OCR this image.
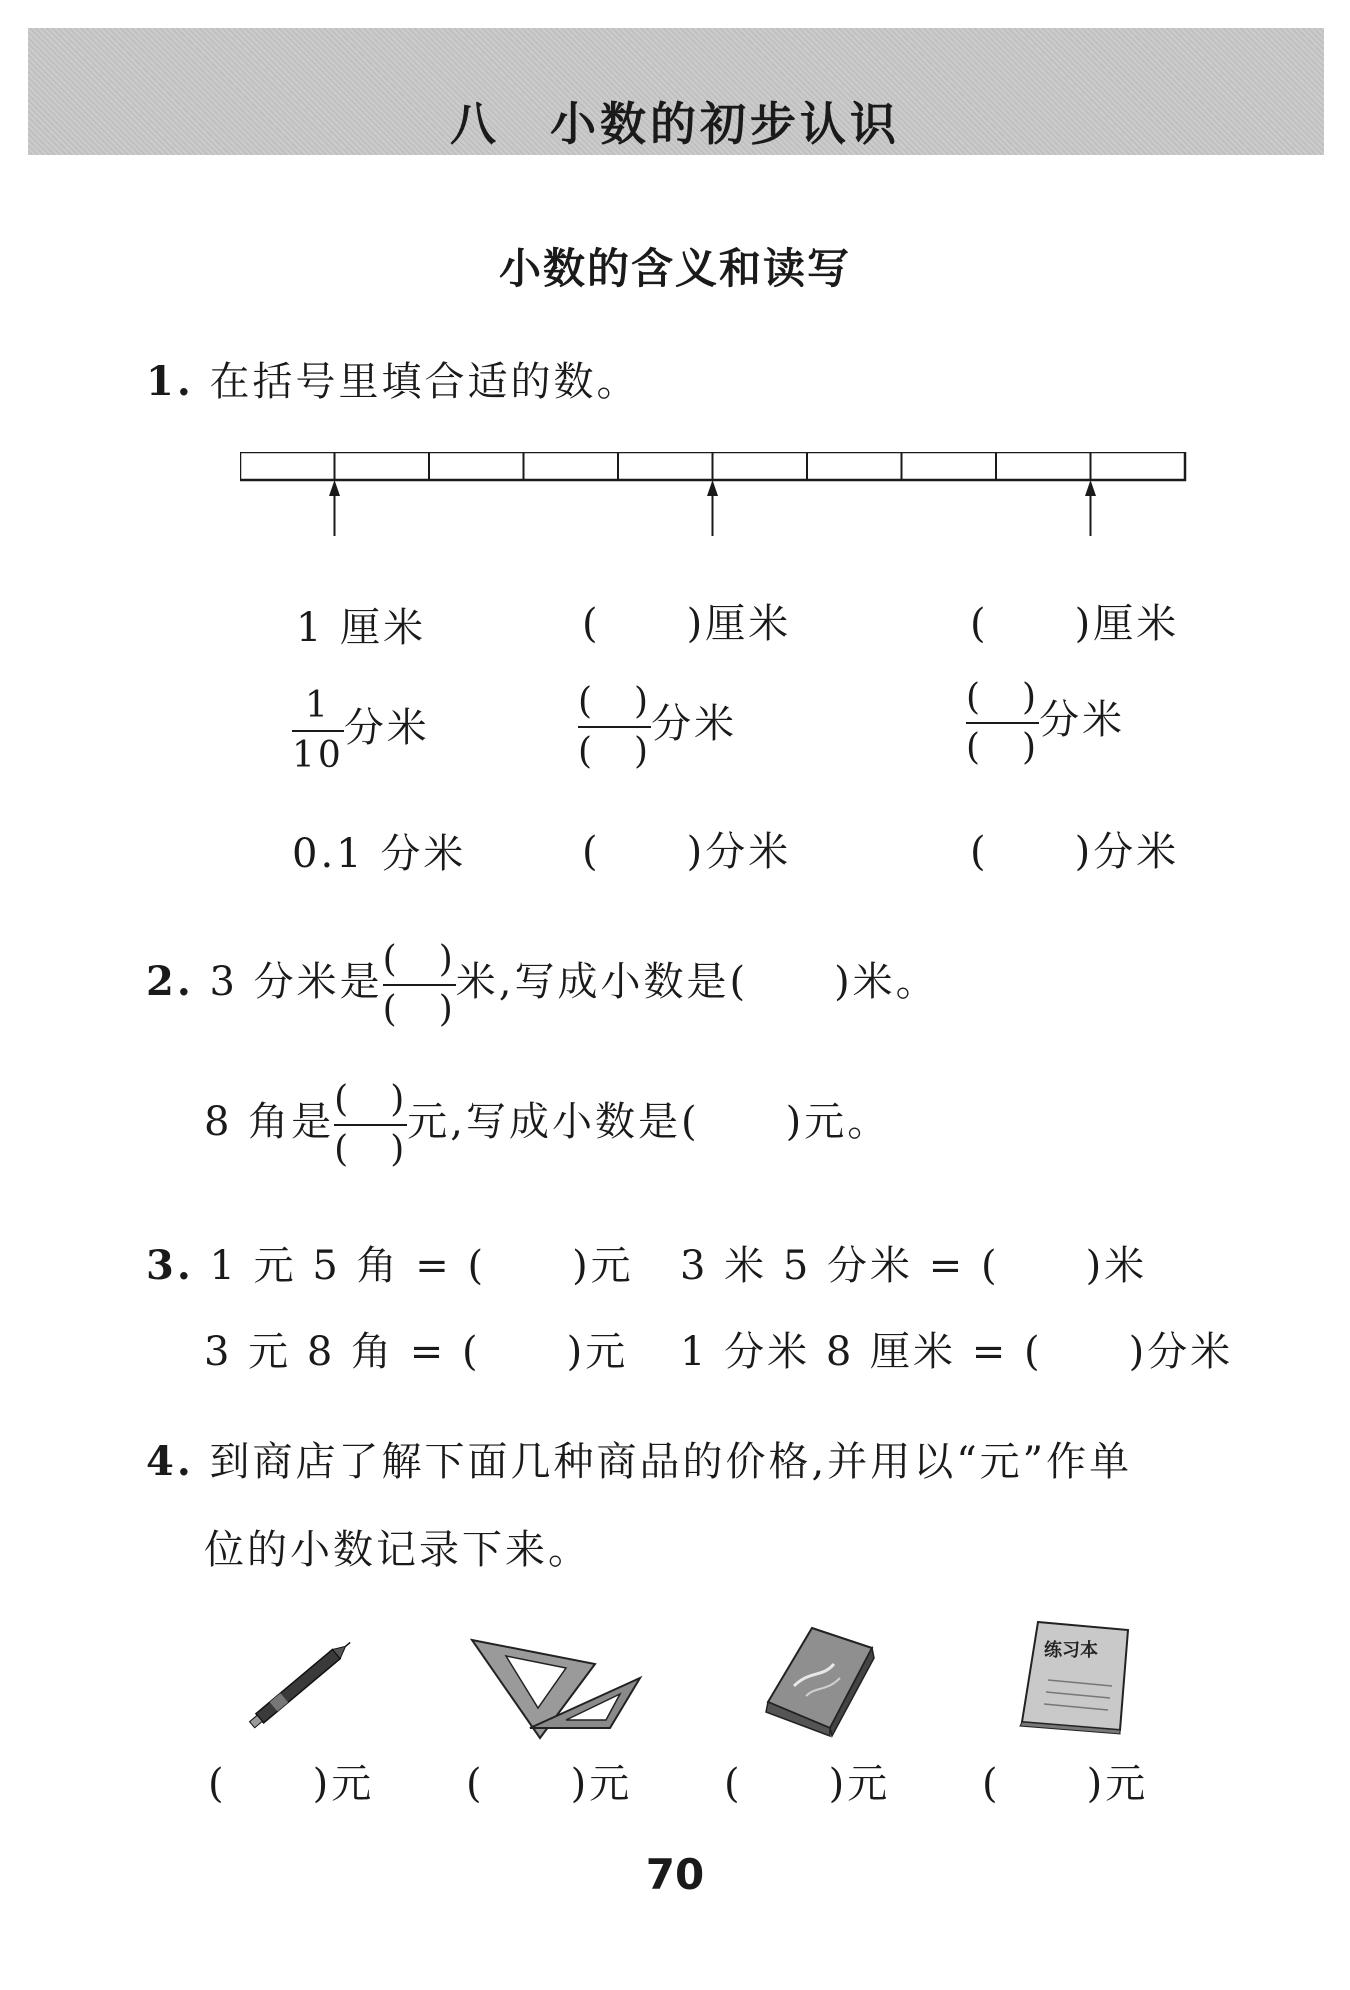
八　小数的初步认识
小数的含义和读写
1. 在括号里填合适的数。
1 厘米	(　　)厘米	(　　)厘米
$\frac{1}{10}$ 分米	$\frac{( )}{( )}$ 分米	$\frac{( )}{( )}$ 分米
0.1 分米	(　　)分米	(　　)分米
2. 3 分米是 $\frac{( )}{( )}$ 米,写成小数是(　　)米。
8 角是 $\frac{( )}{( )}$ 元,写成小数是(　　)元。
3. 1 元 5 角 = (　　)元 3 米 5 分米 = (　　)米
3 元 8 角 = (　　)元 1 分米 8 厘米 = (　　)分米
4. 到商店了解下面几种商品的价格,并用以“元”作单
位的小数记录下来。
练习本
(　　)元 (　　)元 (　　)元 (　　)元
70
